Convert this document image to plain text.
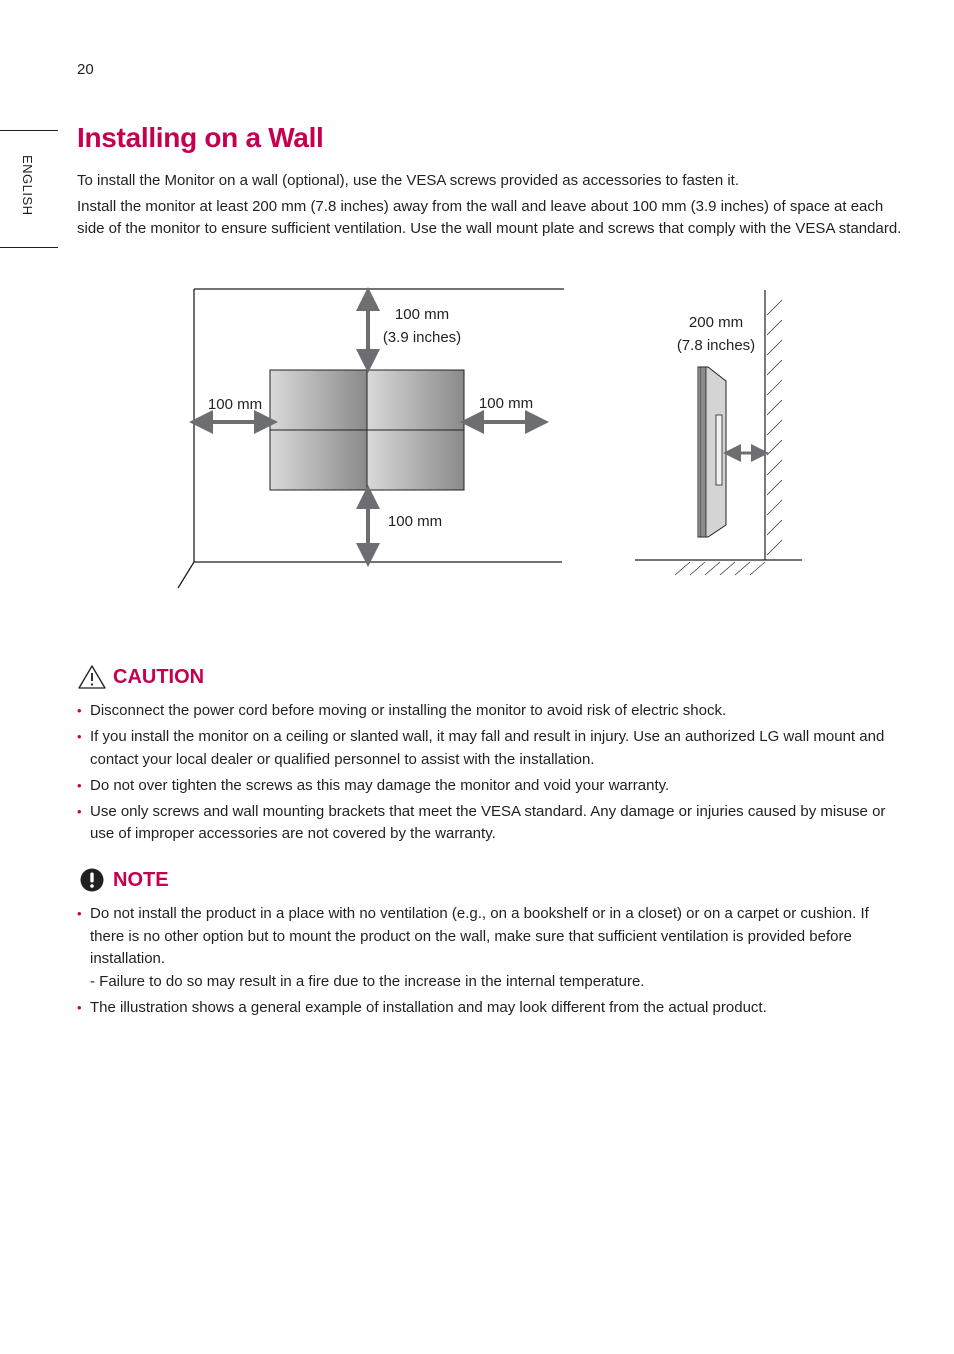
20
ENGLISH
Installing on a Wall

To install the Monitor on a wall (optional), use the VESA screws provided as accessories to fasten it.

Install the monitor at least 200 mm (7.8 inches) away from the wall and leave about 100 mm (3.9 inches) of space at each side of the monitor to ensure sufficient ventilation. Use the wall mount plate and screws that comply with the VESA standard.

100 mm
(3.9 inches)
100 mm	100 mm
100 mm
200 mm
(7.8 inches)
CAUTION
• Disconnect the power cord before moving or installing the monitor to avoid risk of electric shock.
• If you install the monitor on a ceiling or slanted wall, it may fall and result in injury. Use an authorized LG wall mount and contact your local dealer or qualified personnel to assist with the installation.
• Do not over tighten the screws as this may damage the monitor and void your warranty.
• Use only screws and wall mounting brackets that meet the VESA standard. Any damage or injuries caused by misuse or use of improper accessories are not covered by the warranty.
NOTE
• Do not install the product in a place with no ventilation (e.g., on a bookshelf or in a closet) or on a carpet or cushion. If there is no other option but to mount the product on the wall, make sure that sufficient ventilation is provided before installation.
- Failure to do so may result in a fire due to the increase in the internal temperature.
• The illustration shows a general example of installation and may look different from the actual product.
